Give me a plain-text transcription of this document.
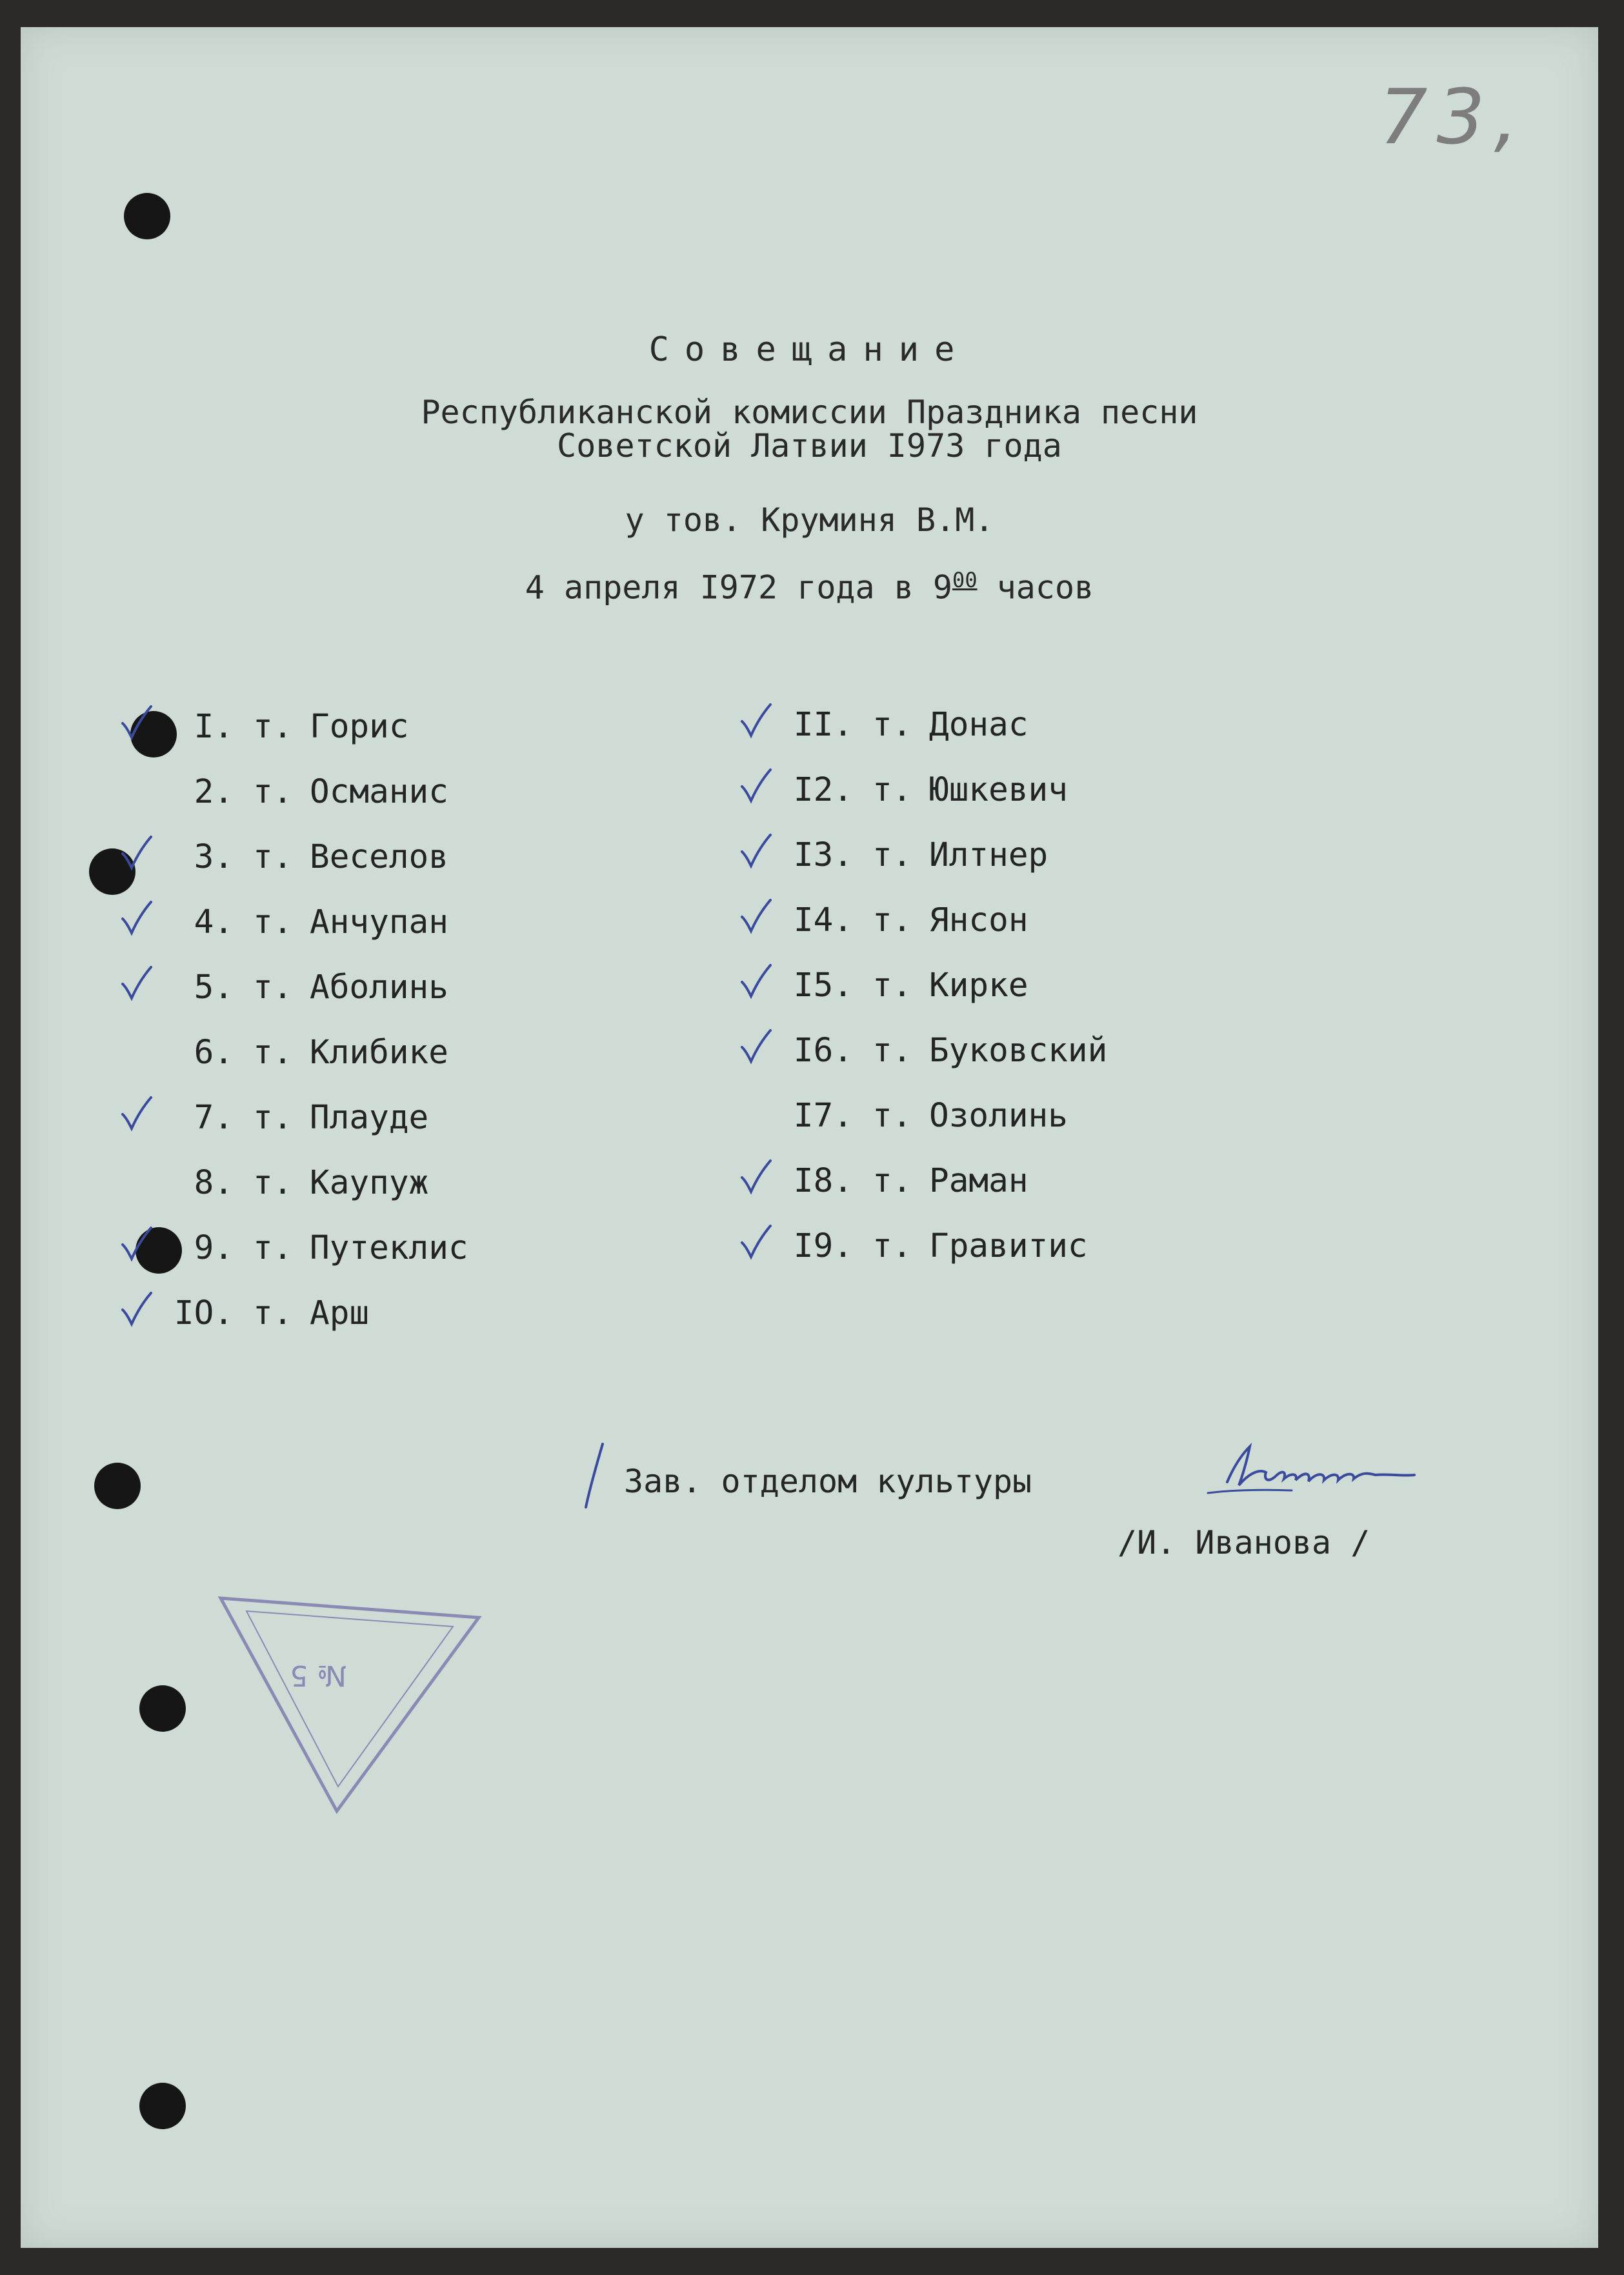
73,
Совещание
Республиканской комиссии Праздника песни
Советской Латвии I973 года
у тов. Круминя В.М.
4 апреля I972 года в $9^{00}$ часов
I. т. Горис
2. т. Османис
3. т. Веселов
4. т. Анчупан
5. т. Аболинь
6. т. Клибике
7. т. Плауде
8. т. Каупуж
9. т. Путеклис
IO. т. Арш
II. т. Донас
I2. т. Юшкевич
I3. т. Илтнер
I4. т. Янсон
I5. т. Кирке
I6. т. Буковский
I7. т. Озолинь
I8. т. Раман
I9. т. Гравитис
Зав. отделом культуры
/И. Иванова /
№ 5
